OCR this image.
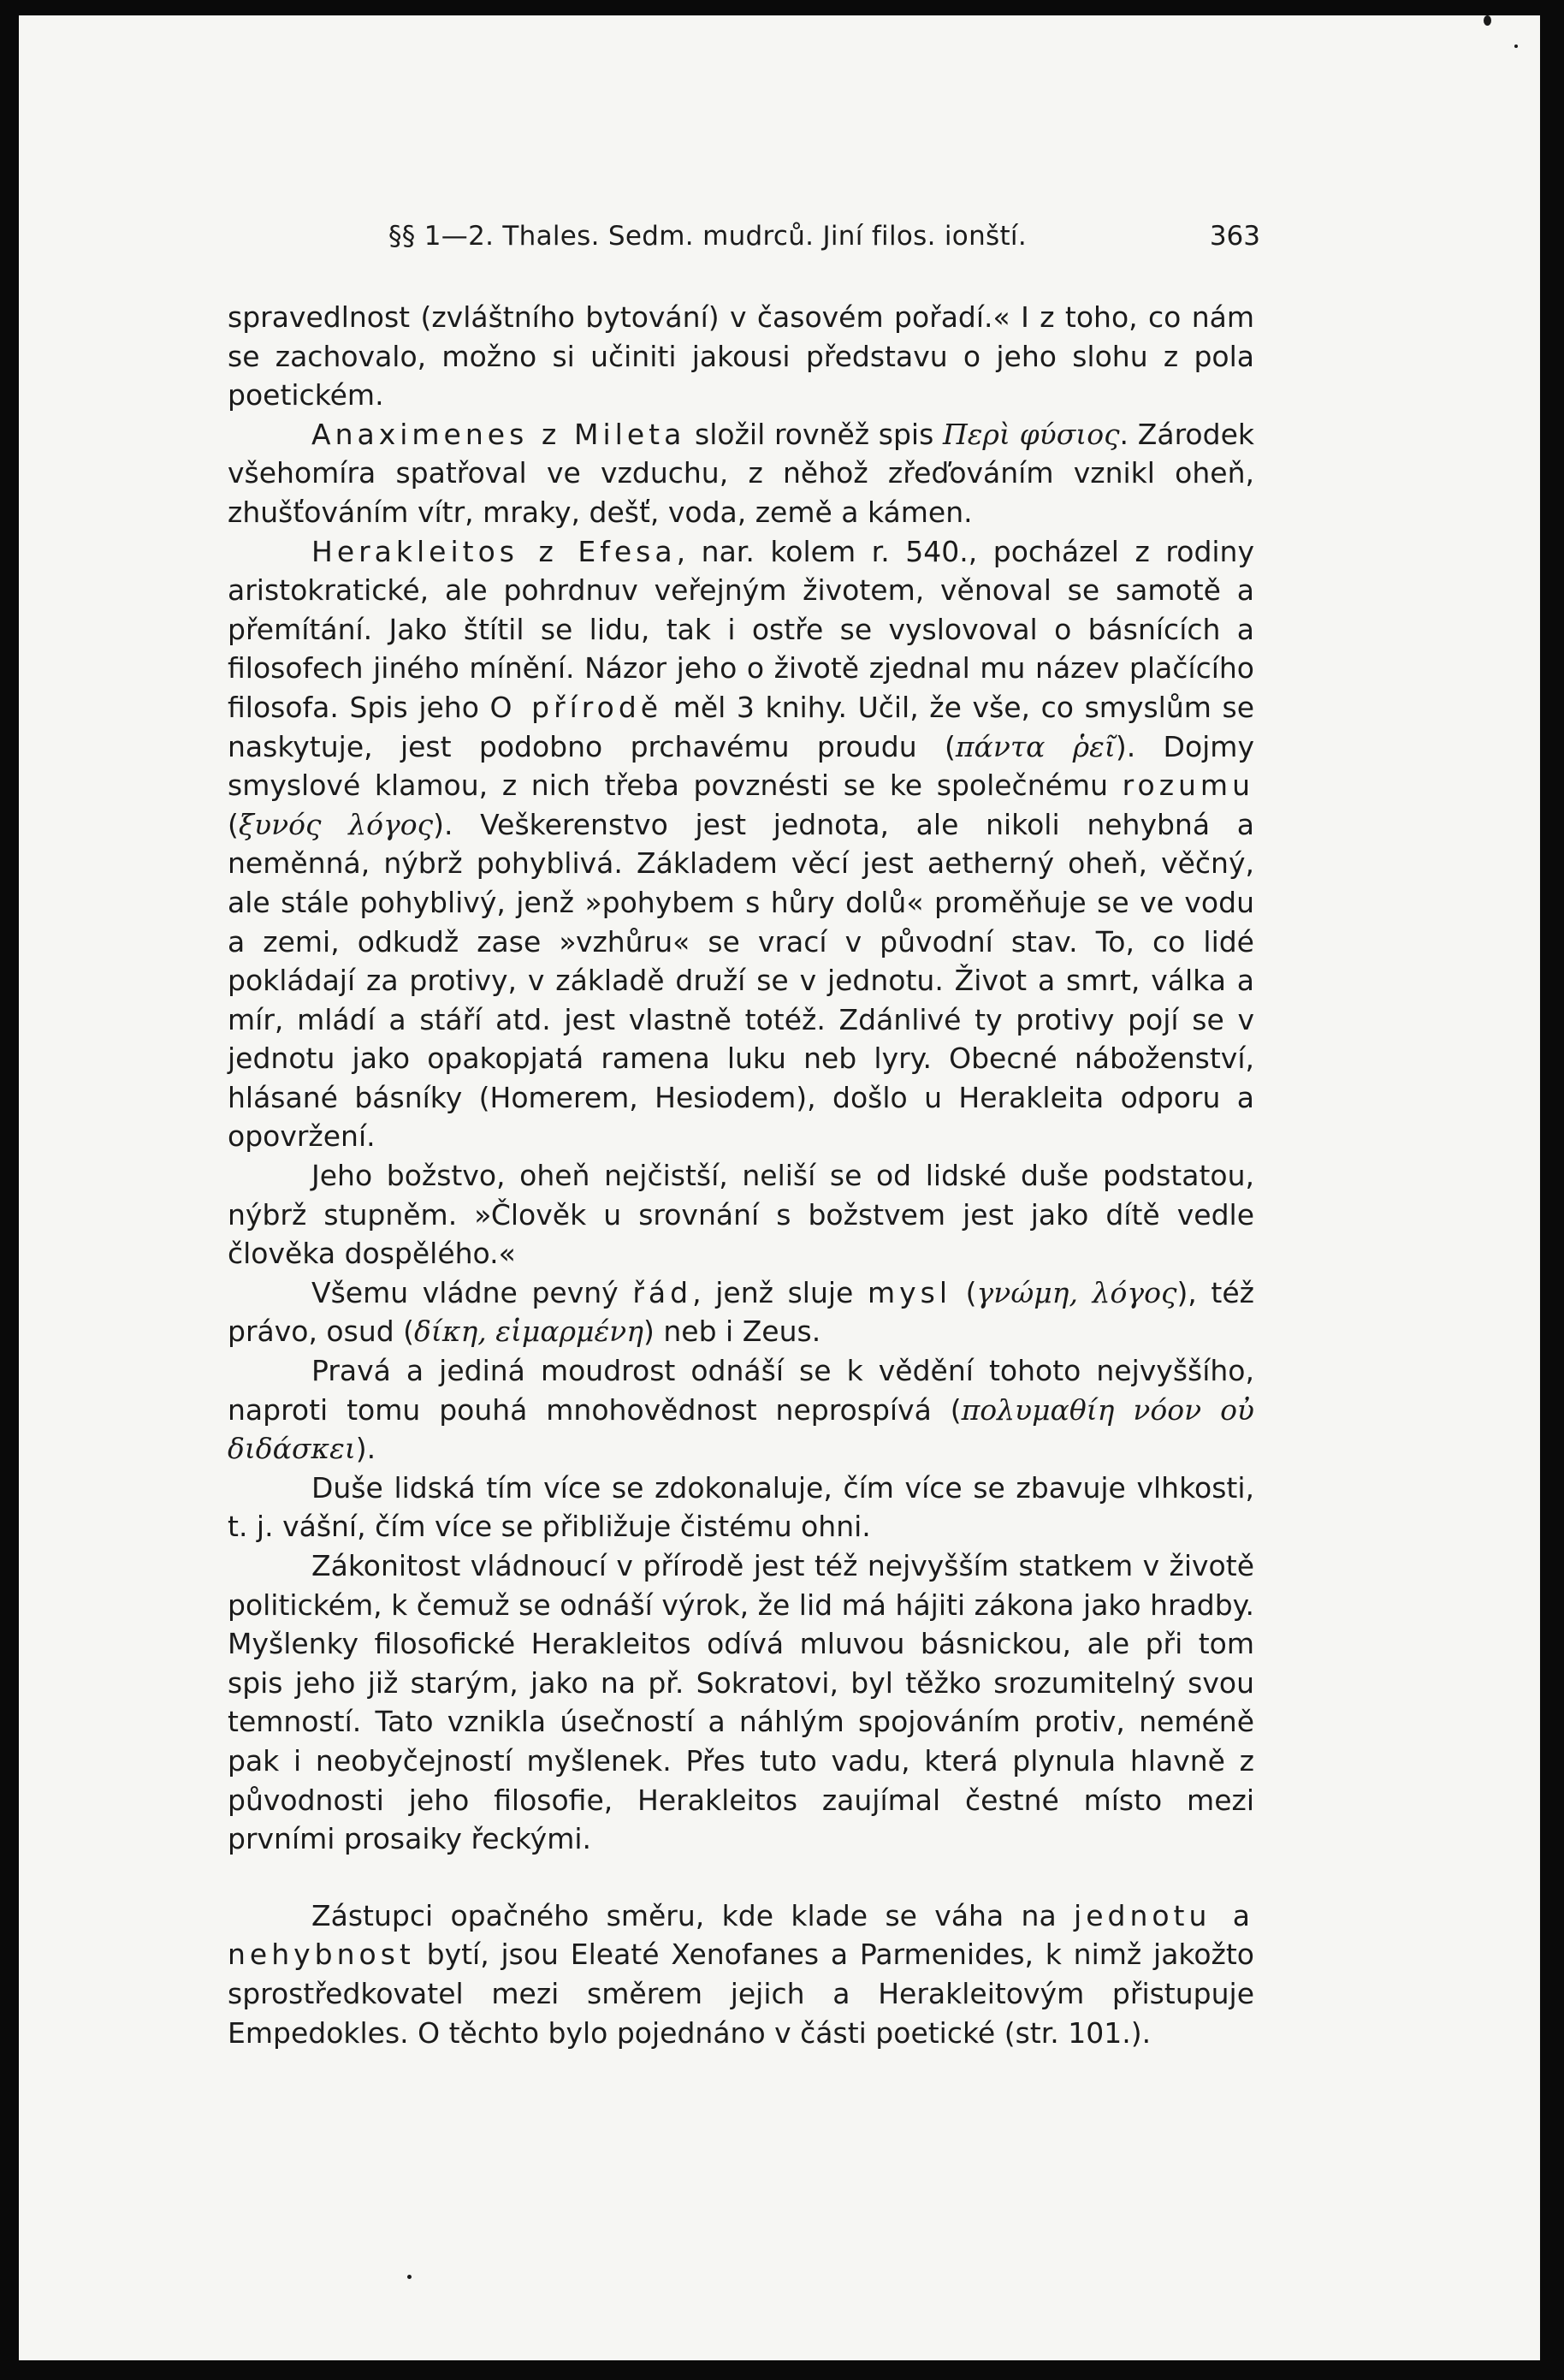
§§ 1—2. Thales. Sedm. mudrců. Jiní filos. ionští.	363

spravedlnost (zvláštního bytování) v časovém pořadí.« I z toho, co nám se zachovalo, možno si učiniti jakousi představu o jeho slohu z pola poetickém.

Anaximenes z Mileta složil rovněž spis Περὶ φύσιος. Zárodek všehomíra spatřoval ve vzduchu, z něhož zřeďováním vznikl oheň, zhušťováním vítr, mraky, dešť, voda, země a kámen.

Herakleitos z Efesa, nar. kolem r. 540., pocházel z rodiny aristokratické, ale pohrdnuv veřejným životem, věnoval se samotě a přemítání. Jako štítil se lidu, tak i ostře se vyslovoval o básnících a filosofech jiného mínění. Názor jeho o životě zjednal mu název plačícího filosofa. Spis jeho O přírodě měl 3 knihy. Učil, že vše, co smyslům se naskytuje, jest podobno prchavému proudu (πάντα ῥεῖ). Dojmy smyslové klamou, z nich třeba povznésti se ke společnému rozumu (ξυνός λόγος). Veškerenstvo jest jednota, ale nikoli nehybná a neměnná, nýbrž pohyblivá. Základem věcí jest aetherný oheň, věčný, ale stále pohyblivý, jenž »pohybem s hůry dolů« proměňuje se ve vodu a zemi, odkudž zase »vzhůru« se vrací v původní stav. To, co lidé pokládají za protivy, v základě druží se v jednotu. Život a smrt, válka a mír, mládí a stáří atd. jest vlastně totéž. Zdánlivé ty protivy pojí se v jednotu jako opakopjatá ramena luku neb lyry. Obecné náboženství, hlásané básníky (Homerem, Hesiodem), došlo u Herakleita odporu a opovržení.

Jeho božstvo, oheň nejčistší, neliší se od lidské duše podstatou, nýbrž stupněm. »Člověk u srovnání s božstvem jest jako dítě vedle člověka dospělého.«

Všemu vládne pevný řád, jenž sluje mysl (γνώμη, λόγος), též právo, osud (δίκη, εἱμαρμένη) neb i Zeus.

Pravá a jediná moudrost odnáší se k vědění tohoto nejvyššího, naproti tomu pouhá mnohovědnost neprospívá (πολυμαθίη νόον οὐ διδάσκει).

Duše lidská tím více se zdokonaluje, čím více se zbavuje vlhkosti, t. j. vášní, čím více se přibližuje čistému ohni.

Zákonitost vládnoucí v přírodě jest též nejvyšším statkem v životě politickém, k čemuž se odnáší výrok, že lid má hájiti zákona jako hradby. Myšlenky filosofické Herakleitos odívá mluvou básnickou, ale při tom spis jeho již starým, jako na př. Sokratovi, byl těžko srozumitelný svou temností. Tato vznikla úsečností a náhlým spojováním protiv, neméně pak i neobyčejností myšlenek. Přes tuto vadu, která plynula hlavně z původnosti jeho filosofie, Herakleitos zaujímal čestné místo mezi prvními prosaiky řeckými.

Zástupci opačného směru, kde klade se váha na jednotu a nehybnost bytí, jsou Eleaté Xenofanes a Parmenides, k nimž jakožto sprostředkovatel mezi směrem jejich a Herakleitovým přistupuje Empedokles. O těchto bylo pojednáno v části poetické (str. 101.).
